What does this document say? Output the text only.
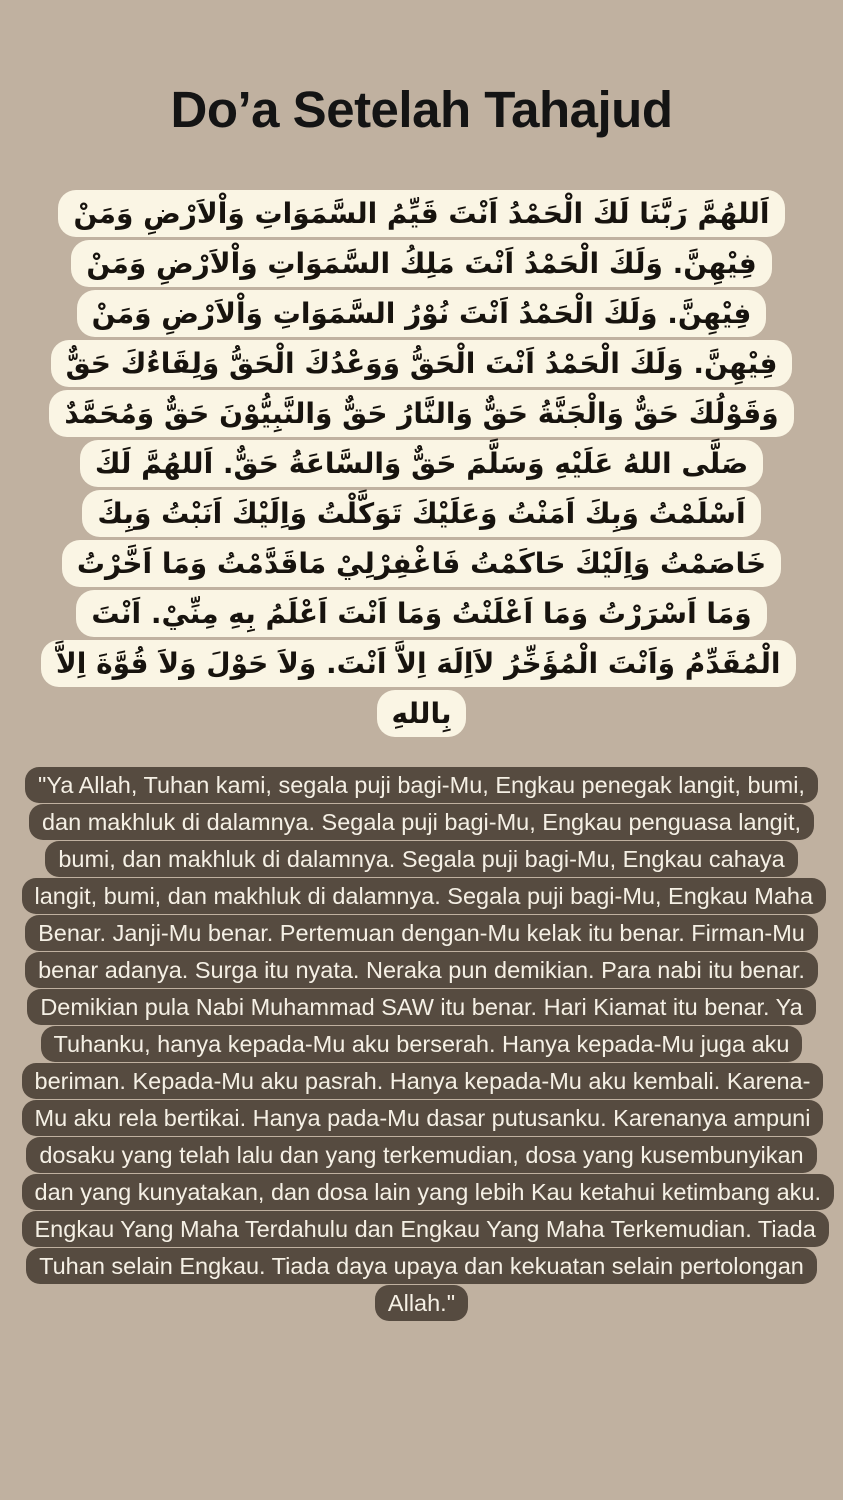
Do’a Setelah Tahajud

اَللهُمَّ رَبَّنَا لَكَ الْحَمْدُ اَنْتَ قَيِّمُ السَّمَوَاتِ وَاْلاَرْضِ وَمَنْ فِيْهِنَّ. وَلَكَ الْحَمْدُ اَنْتَ مَلِكُ السَّمَوَاتِ وَاْلاَرْضِ وَمَنْ فِيْهِنَّ. وَلَكَ الْحَمْدُ اَنْتَ نُوْرُ السَّمَوَاتِ وَاْلاَرْضِ وَمَنْ فِيْهِنَّ. وَلَكَ الْحَمْدُ اَنْتَ الْحَقُّ وَوَعْدُكَ الْحَقُّ وَلِقَاءُكَ حَقٌّ وَقَوْلُكَ حَقٌّ وَالْجَنَّةُ حَقٌّ وَالنَّارُ حَقٌّ وَالنَّبِيُّوْنَ حَقٌّ وَمُحَمَّدٌ صَلَّى اللهُ عَلَيْهِ وَسَلَّمَ حَقٌّ وَالسَّاعَةُ حَقٌّ. اَللهُمَّ لَكَ اَسْلَمْتُ وَبِكَ اَمَنْتُ وَعَلَيْكَ تَوَكَّلْتُ وَاِلَيْكَ اَنَبْتُ وَبِكَ خَاصَمْتُ وَاِلَيْكَ حَاكَمْتُ فَاغْفِرْلِيْ مَاقَدَّمْتُ وَمَا اَخَّرْتُ وَمَا اَسْرَرْتُ وَمَا اَعْلَنْتُ وَمَا اَنْتَ اَعْلَمُ بِهِ مِنِّيْ. اَنْتَ الْمُقَدِّمُ وَاَنْتَ الْمُؤَخِّرُ لاَاِلَهَ اِلاَّ اَنْتَ. وَلاَ حَوْلَ وَلاَ قُوَّةَ اِلاَّ بِاللهِ

"Ya Allah, Tuhan kami, segala puji bagi-Mu, Engkau penegak langit, bumi, dan makhluk di dalamnya. Segala puji bagi-Mu, Engkau penguasa langit, bumi, dan makhluk di dalamnya. Segala puji bagi-Mu, Engkau cahaya langit, bumi, dan makhluk di dalamnya. Segala puji bagi-Mu, Engkau Maha Benar. Janji-Mu benar. Pertemuan dengan-Mu kelak itu benar. Firman-Mu benar adanya. Surga itu nyata. Neraka pun demikian. Para nabi itu benar. Demikian pula Nabi Muhammad SAW itu benar. Hari Kiamat itu benar. Ya Tuhanku, hanya kepada-Mu aku berserah. Hanya kepada-Mu juga aku beriman. Kepada-Mu aku pasrah. Hanya kepada-Mu aku kembali. Karena-Mu aku rela bertikai. Hanya pada-Mu dasar putusanku. Karenanya ampuni dosaku yang telah lalu dan yang terkemudian, dosa yang kusembunyikan dan yang kunyatakan, dan dosa lain yang lebih Kau ketahui ketimbang aku. Engkau Yang Maha Terdahulu dan Engkau Yang Maha Terkemudian. Tiada Tuhan selain Engkau. Tiada daya upaya dan kekuatan selain pertolongan Allah."
